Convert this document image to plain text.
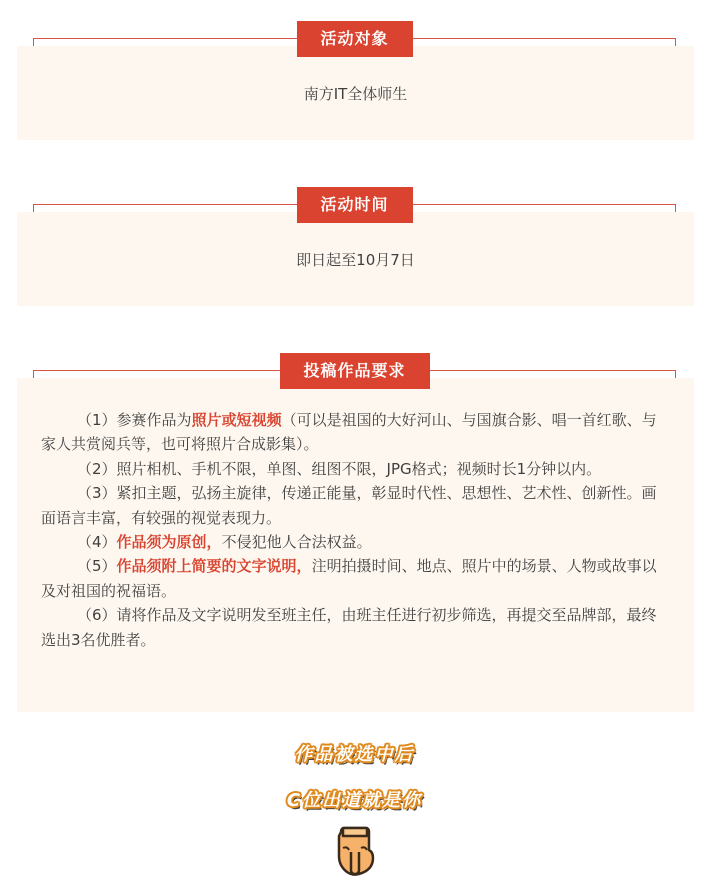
南方IT全体师生
活动对象
即日起至10月7日
活动时间

（1）参赛作品为照片或短视频（可以是祖国的大好河山、与国旗合影、唱一首红歌、与家人共赏阅兵等，也可将照片合成影集）。

（2）照片相机、手机不限，单图、组图不限，JPG格式；视频时长1分钟以内。

（3）紧扣主题，弘扬主旋律，传递正能量，彰显时代性、思想性、艺术性、创新性。画面语言丰富，有较强的视觉表现力。

（4）作品须为原创，不侵犯他人合法权益。

（5）作品须附上简要的文字说明，注明拍摄时间、地点、照片中的场景、人物或故事以及对祖国的祝福语。

（6）请将作品及文字说明发至班主任，由班主任进行初步筛选，再提交至品牌部，最终选出3名优胜者。

投稿作品要求
作品被选中后
C位出道就是你
